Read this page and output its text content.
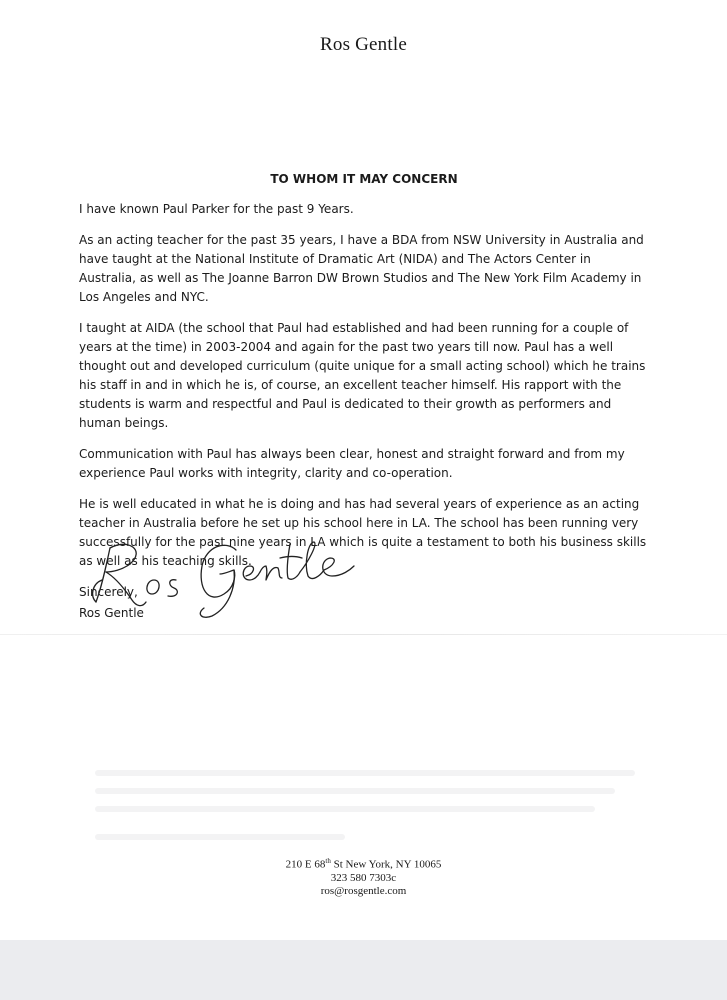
Ros Gentle

TO WHOM IT MAY CONCERN

I have known Paul Parker for the past 9 Years.

As an acting teacher for the past 35 years, I have a BDA from NSW University in Australia and have taught at the National Institute of Dramatic Art (NIDA) and The Actors Center in Australia, as well as The Joanne Barron DW Brown Studios and The New York Film Academy in Los Angeles and NYC.

I taught at AIDA (the school that Paul had established and had been running for a couple of years at the time) in 2003-2004 and again for the past two years till now. Paul has a well thought out and developed curriculum (quite unique for a small acting school) which he trains his staff in and in which he is, of course, an excellent teacher himself. His rapport with the students is warm and respectful and Paul is dedicated to their growth as performers and human beings.

Communication with Paul has always been clear, honest and straight forward and from my experience Paul works with integrity, clarity and co-operation.

He is well educated in what he is doing and has had several years of experience as an acting teacher in Australia before he set up his school here in LA. The school has been running very successfully for the past nine years in LA which is quite a testament to both his business skills as well as his teaching skills.

Sincerely,

Ros Gentle
210 E 68th St New York, NY 10065
323 580 7303c
ros@rosgentle.com
